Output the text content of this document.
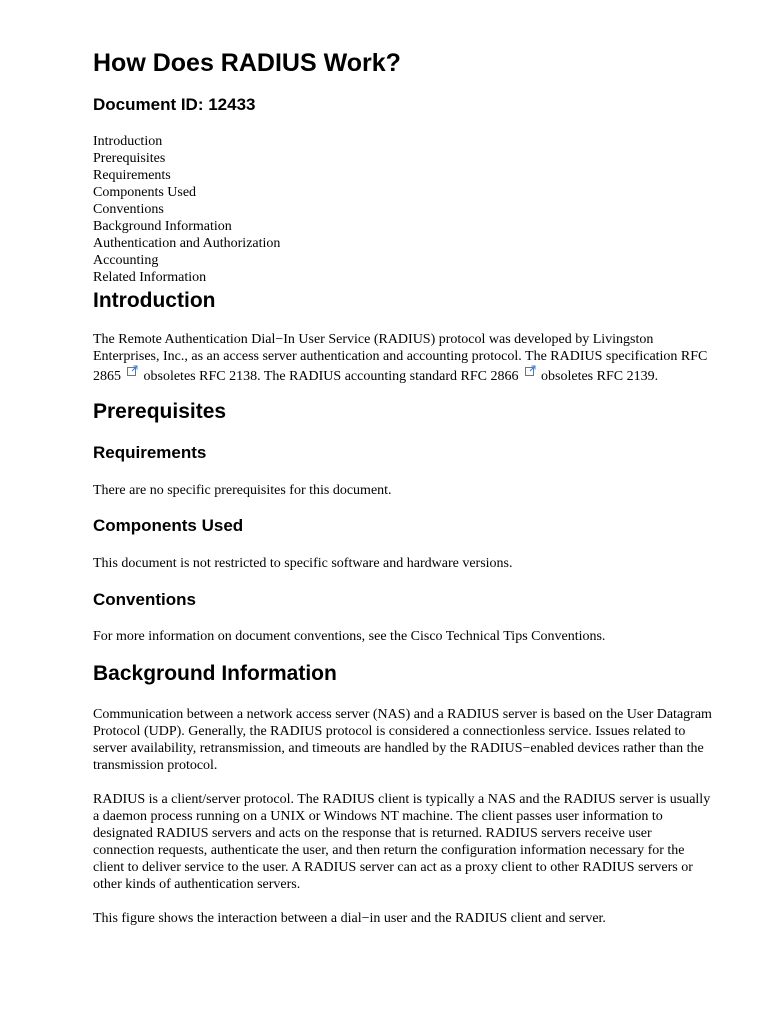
How Does RADIUS Work?
Document ID: 12433
Introduction
Prerequisites
Requirements
Components Used
Conventions
Background Information
Authentication and Authorization
Accounting
Related Information
Introduction
The Remote Authentication Dial−In User Service (RADIUS) protocol was developed by Livingston
Enterprises, Inc., as an access server authentication and accounting protocol. The RADIUS specification RFC
2865 obsoletes RFC 2138. The RADIUS accounting standard RFC 2866 obsoletes RFC 2139.
Prerequisites
Requirements

There are no specific prerequisites for this document.

Components Used

This document is not restricted to specific software and hardware versions.

Conventions

For more information on document conventions, see the Cisco Technical Tips Conventions.

Background Information
Communication between a network access server (NAS) and a RADIUS server is based on the User Datagram
Protocol (UDP). Generally, the RADIUS protocol is considered a connectionless service. Issues related to
server availability, retransmission, and timeouts are handled by the RADIUS−enabled devices rather than the
transmission protocol.
RADIUS is a client/server protocol. The RADIUS client is typically a NAS and the RADIUS server is usually
a daemon process running on a UNIX or Windows NT machine. The client passes user information to
designated RADIUS servers and acts on the response that is returned. RADIUS servers receive user
connection requests, authenticate the user, and then return the configuration information necessary for the
client to deliver service to the user. A RADIUS server can act as a proxy client to other RADIUS servers or
other kinds of authentication servers.

This figure shows the interaction between a dial−in user and the RADIUS client and server.
